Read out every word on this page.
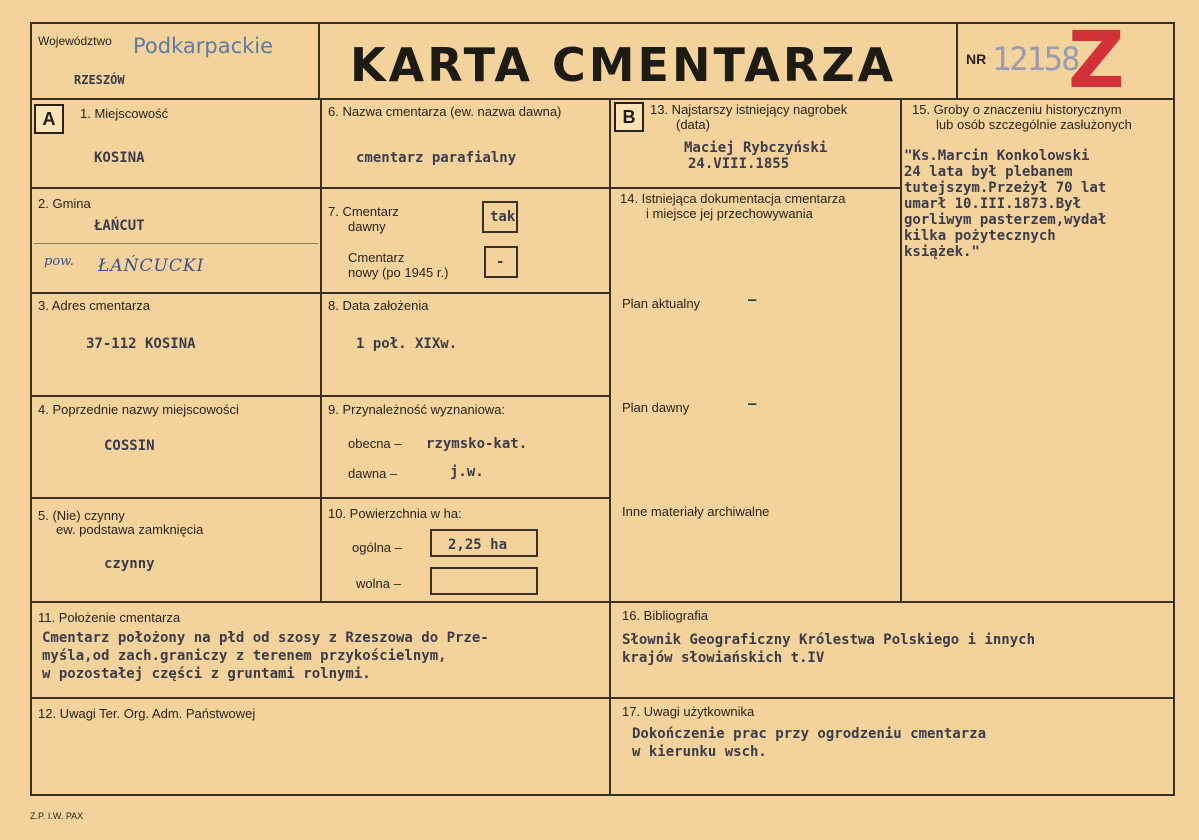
Województwo Podkarpackie
RZESZÓW	KARTA CMENTARZA	NR 12158
Z
A	B
1. Miejscowość
KOSINA
2. Gmina
ŁAŃCUT
pow. ŁAŃCUCKI
3. Adres cmentarza
37-112 KOSINA
4. Poprzednie nazwy miejscowości
COSSIN
5. (Nie) czynny
ew. podstawa zamknięcia
czynny
6. Nazwa cmentarza (ew. nazwa dawna)
cmentarz parafialny
7. Cmentarz
dawny
tak
Cmentarz
nowy (po 1945 r.)
-
8. Data założenia
1 poł. XIXw.
9. Przynależność wyznaniowa:
obecna – rzymsko-kat.
dawna –	j.w.
10. Powierzchnia w ha:
ogólna –	2,25 ha
wolna –
11. Położenie cmentarza
Cmentarz położony na płd od szosy z Rzeszowa do Prze-
myśla,od zach.graniczy z terenem przykościelnym,
w pozostałej części z gruntami rolnymi.
12. Uwagi Ter. Org. Adm. Państwowej
13. Najstarszy istniejący nagrobek
(data)
Maciej Rybczyński
24.VIII.1855
14. Istniejąca dokumentacja cmentarza
i miejsce jej przechowywania
Plan aktualny	–
Plan dawny	–
Inne materiały archiwalne
15. Groby o znaczeniu historycznym
lub osób szczególnie zasłużonych
"Ks.Marcin Konkolowski
24 lata był plebanem
tutejszym.Przeżył 70 lat
umarł 10.III.1873.Był
gorliwym pasterzem,wydał
kilka pożytecznych
książek."
16. Bibliografia
Słownik Geograficzny Królestwa Polskiego i innych
krajów słowiańskich t.IV
17. Uwagi użytkownika
Dokończenie prac przy ogrodzeniu cmentarza
w kierunku wsch.
Z.P. I.W. PAX
